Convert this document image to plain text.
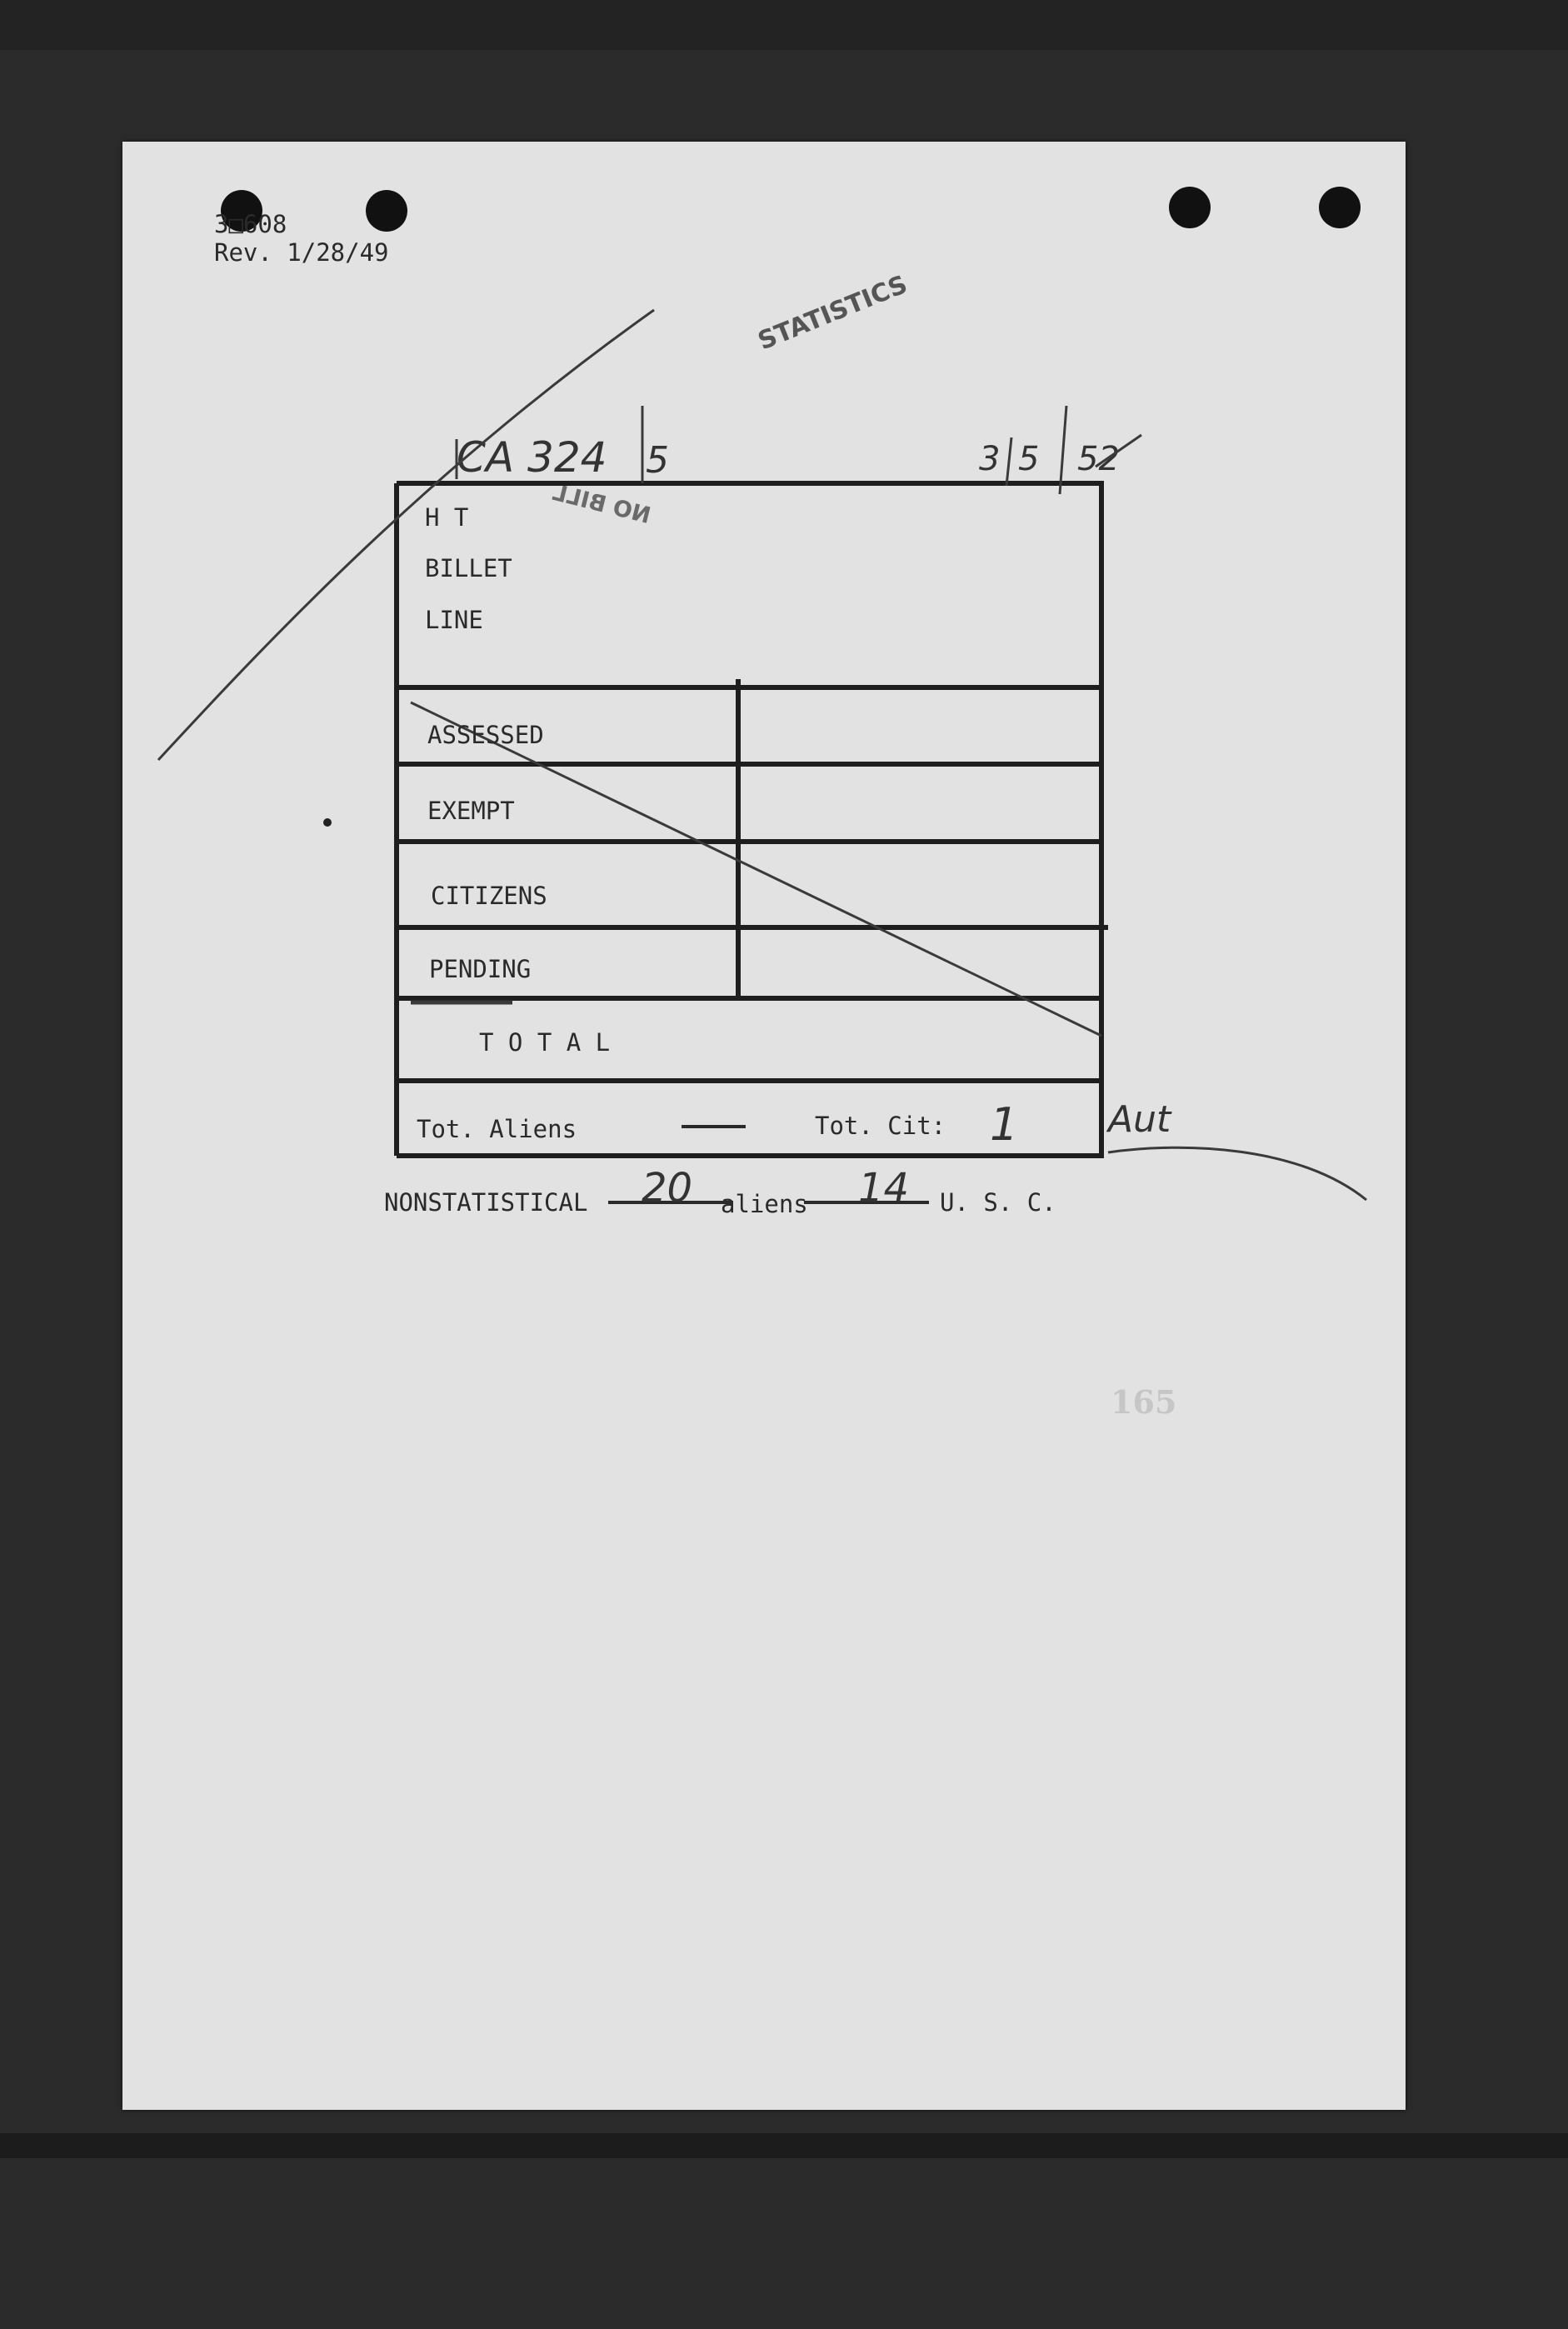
3□608
Rev. 1/28/49
STATISTICS
CA 324 5	3 5 52
NO BILL
H T
BILLET
LINE
ASSESSED
EXEMPT
CITIZENS
PENDING
T O T A L
Tot. Aliens	Tot. Cit: 1 Aut
NONSTATISTICAL 20 aliens 14 U. S. C.
165
